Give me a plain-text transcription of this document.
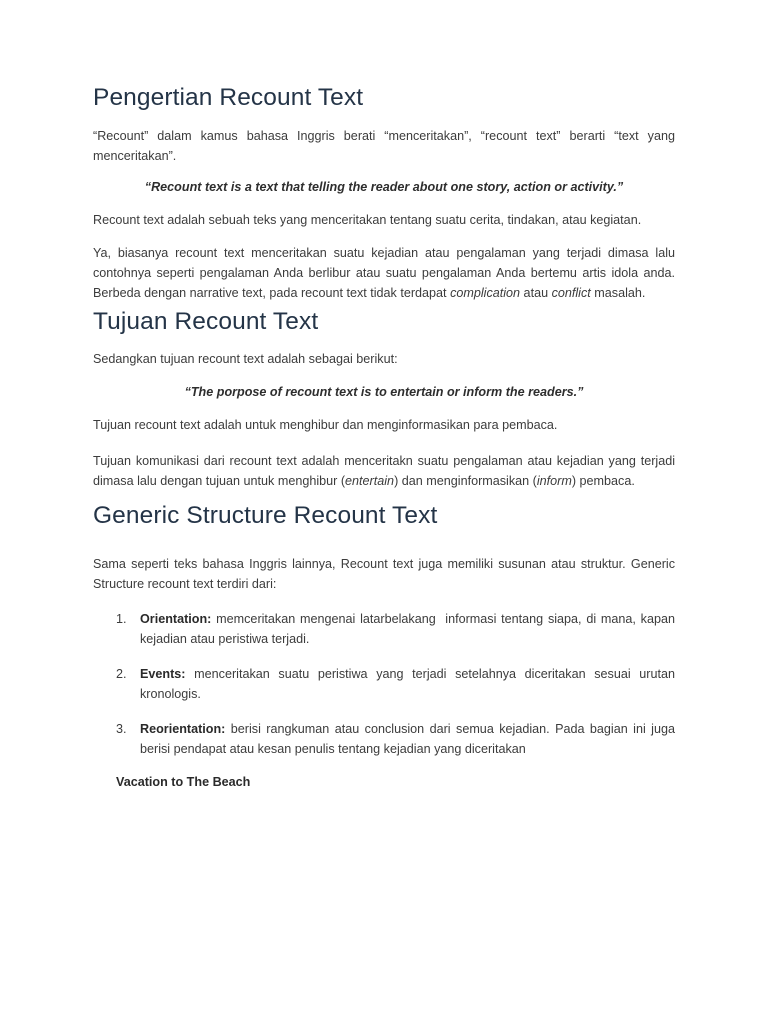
Pengertian Recount Text

“Recount” dalam kamus bahasa Inggris berati “menceritakan”, “recount text” berarti “text yang menceritakan”.

“Recount text is a text that telling the reader about one story, action or activity.”

Recount text adalah sebuah teks yang menceritakan tentang suatu cerita, tindakan, atau kegiatan.

Ya, biasanya recount text menceritakan suatu kejadian atau pengalaman yang terjadi dimasa lalu contohnya seperti pengalaman Anda berlibur atau suatu pengalaman Anda bertemu artis idola anda. Berbeda dengan narrative text, pada recount text tidak terdapat complication atau conflict masalah.

Tujuan Recount Text

Sedangkan tujuan recount text adalah sebagai berikut:

“The porpose of recount text is to entertain or inform the readers.”

Tujuan recount text adalah untuk menghibur dan menginformasikan para pembaca.

Tujuan komunikasi dari recount text adalah menceritakn suatu pengalaman atau kejadian yang terjadi dimasa lalu dengan tujuan untuk menghibur (entertain) dan menginformasikan (inform) pembaca.

Generic Structure Recount Text

Sama seperti teks bahasa Inggris lainnya, Recount text juga memiliki susunan atau struktur. Generic Structure recount text terdiri dari:

1. Orientation: memceritakan mengenai latarbelakang  informasi tentang siapa, di mana, kapan kejadian atau peristiwa terjadi.
2. Events: menceritakan suatu peristiwa yang terjadi setelahnya diceritakan sesuai urutan kronologis.
3. Reorientation: berisi rangkuman atau conclusion dari semua kejadian. Pada bagian ini juga berisi pendapat atau kesan penulis tentang kejadian yang diceritakan
Vacation to The Beach
